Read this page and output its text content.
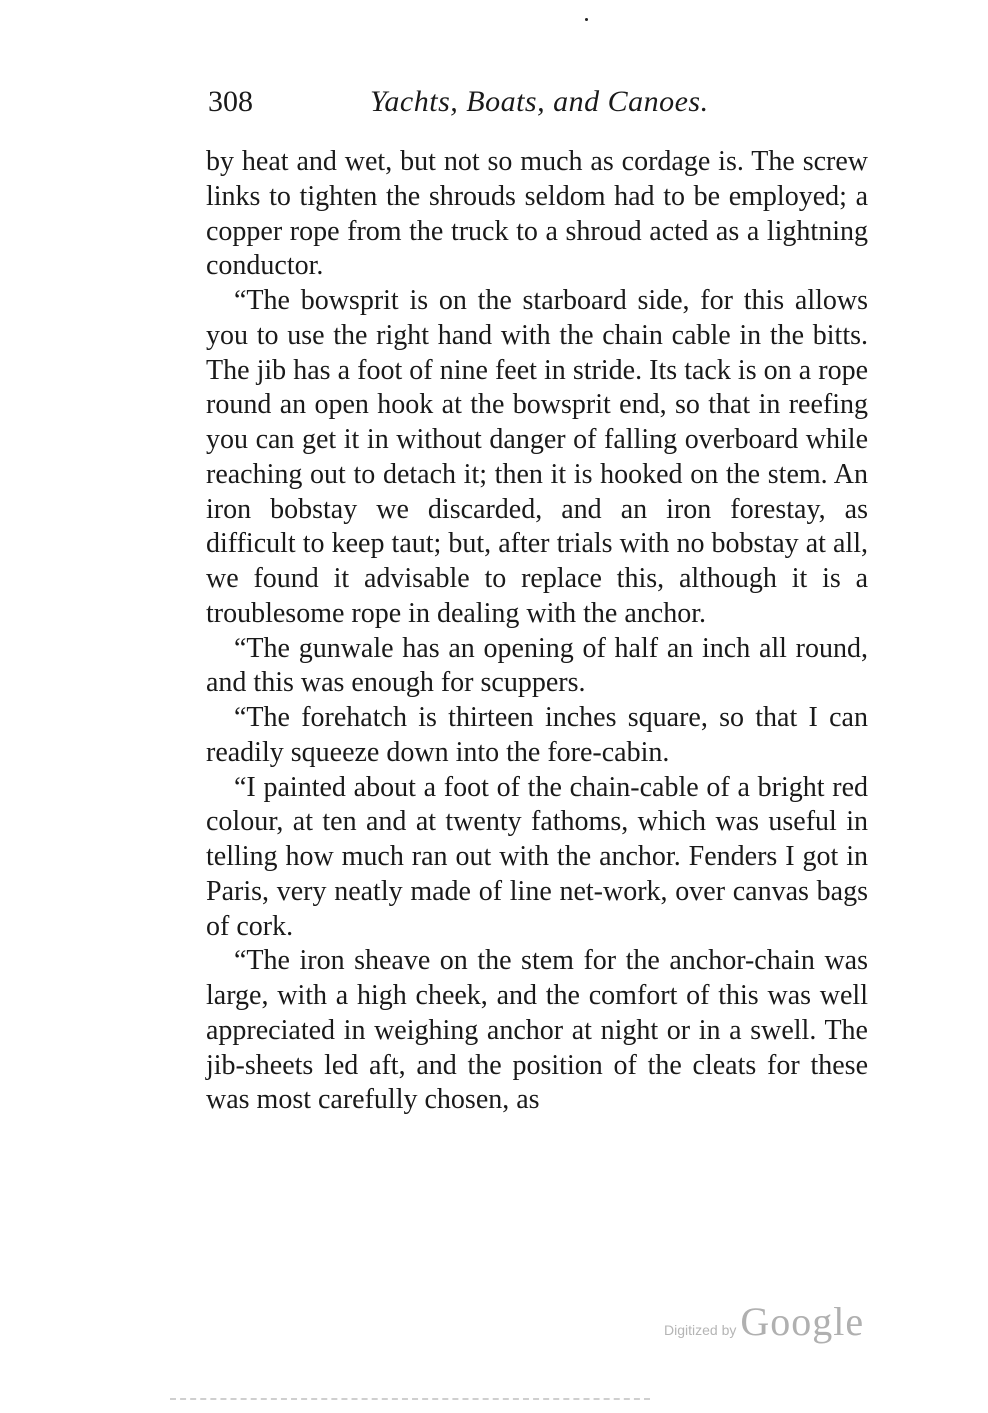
308	Yachts, Boats, and Canoes.

by heat and wet, but not so much as cordage is. The screw links to tighten the shrouds seldom had to be employed; a copper rope from the truck to a shroud acted as a lightning conductor.

“The bowsprit is on the starboard side, for this allows you to use the right hand with the chain cable in the bitts. The jib has a foot of nine feet in stride. Its tack is on a rope round an open hook at the bowsprit end, so that in reefing you can get it in without danger of falling overboard while reaching out to detach it; then it is hooked on the stem. An iron bobstay we discarded, and an iron forestay, as difficult to keep taut; but, after trials with no bobstay at all, we found it advisable to replace this, although it is a troublesome rope in dealing with the anchor.

“The gunwale has an opening of half an inch all round, and this was enough for scuppers.

“The forehatch is thirteen inches square, so that I can readily squeeze down into the fore-cabin.

“I painted about a foot of the chain-cable of a bright red colour, at ten and at twenty fathoms, which was useful in telling how much ran out with the anchor. Fenders I got in Paris, very neatly made of line net-work, over canvas bags of cork.

“The iron sheave on the stem for the anchor-chain was large, with a high cheek, and the comfort of this was well appreciated in weighing anchor at night or in a swell. The jib-sheets led aft, and the position of the cleats for these was most carefully chosen, as

Digitized by Google
